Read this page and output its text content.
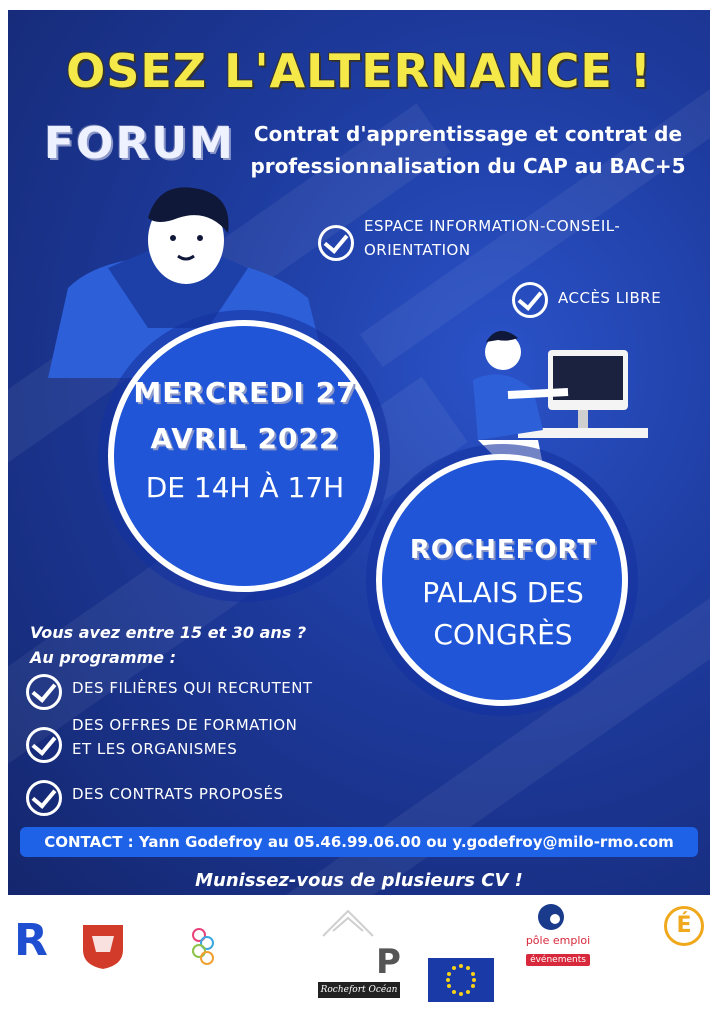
OSEZ L'ALTERNANCE !
FORUM Contrat d'apprentissage et contrat de
professionnalisation du CAP au BAC+5
ESPACE INFORMATION-CONSEIL-
ORIENTATION
ACCÈS LIBRE
MERCREDI 27
AVRIL 2022
DE 14H À 17H
ROCHEFORT
PALAIS DES
CONGRÈS
Vous avez entre 15 et 30 ans ?
Au programme :
DES FILIÈRES QUI RECRUTENT
DES OFFRES DE FORMATION
ET LES ORGANISMES
DES CONTRATS PROPOSÉS
CONTACT : Yann Godefroy au 05.46.99.06.00 ou y.godefroy@milo-rmo.com
Munissez-vous de plusieurs CV !
R	P
Rochefort Océan
pôle emploi
événements
É
